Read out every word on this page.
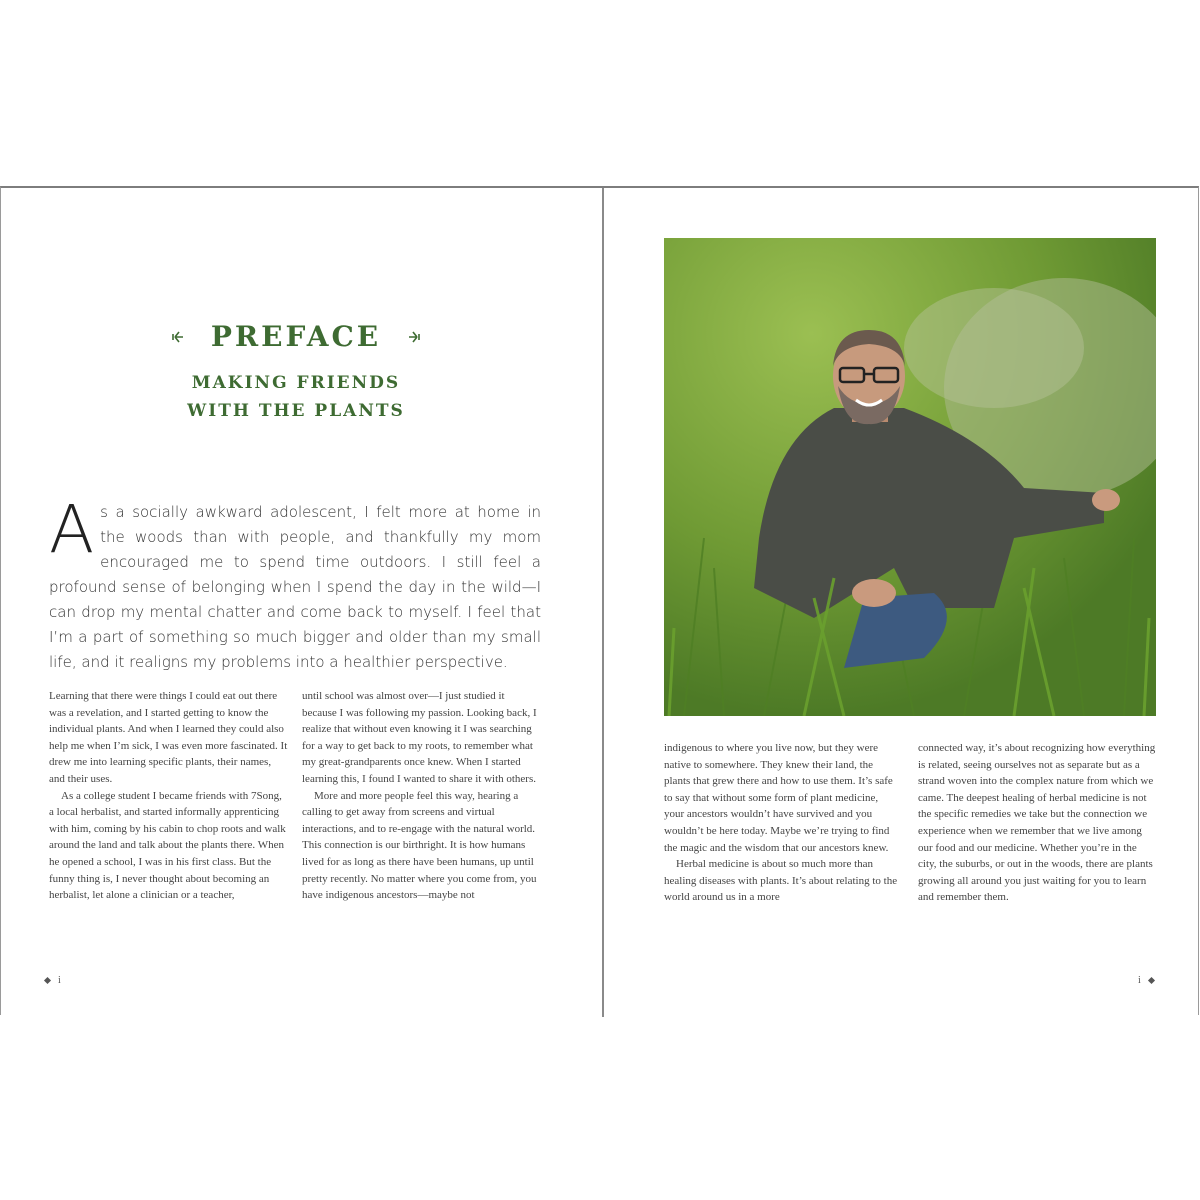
PREFACE
MAKING FRIENDS
WITH THE PLANTS
As a socially awkward adolescent, I felt more at home in the woods than with people, and thankfully my mom encouraged me to spend time outdoors. I still feel a profound sense of belonging when I spend the day in the wild—I can drop my mental chatter and come back to myself. I feel that I’m a part of something so much bigger and older than my small life, and it realigns my problems into a healthier perspective.

Learning that there were things I could eat out there was a revelation, and I started getting to know the individual plants. And when I learned they could also help me when I’m sick, I was even more fascinated. It drew me into learning specific plants, their names, and their uses.

As a college student I became friends with 7Song, a local herbalist, and started informally apprenticing with him, coming by his cabin to chop roots and walk around the land and talk about the plants there. When he opened a school, I was in his first class. But the funny thing is, I never thought about becoming an herbalist, let alone a clinician or a teacher,

until school was almost over—I just studied it because I was following my passion. Looking back, I realize that without even knowing it I was searching for a way to get back to my roots, to remember what my great-grandparents once knew. When I started learning this, I found I wanted to share it with others.

More and more people feel this way, hearing a calling to get away from screens and virtual interactions, and to re-engage with the natural world. This connection is our birthright. It is how humans lived for as long as there have been humans, up until pretty recently. No matter where you come from, you have indigenous ancestors—maybe not

i

indigenous to where you live now, but they were native to somewhere. They knew their land, the plants that grew there and how to use them. It’s safe to say that without some form of plant medicine, your ancestors wouldn’t have survived and you wouldn’t be here today. Maybe we’re trying to find the magic and the wisdom that our ancestors knew.

Herbal medicine is about so much more than healing diseases with plants. It’s about relating to the world around us in a more

connected way, it’s about recognizing how everything is related, seeing ourselves not as separate but as a strand woven into the complex nature from which we came. The deepest healing of herbal medicine is not the specific remedies we take but the connection we experience when we remember that we live among our food and our medicine. Whether you’re in the city, the suburbs, or out in the woods, there are plants growing all around you just waiting for you to learn and remember them.

i
